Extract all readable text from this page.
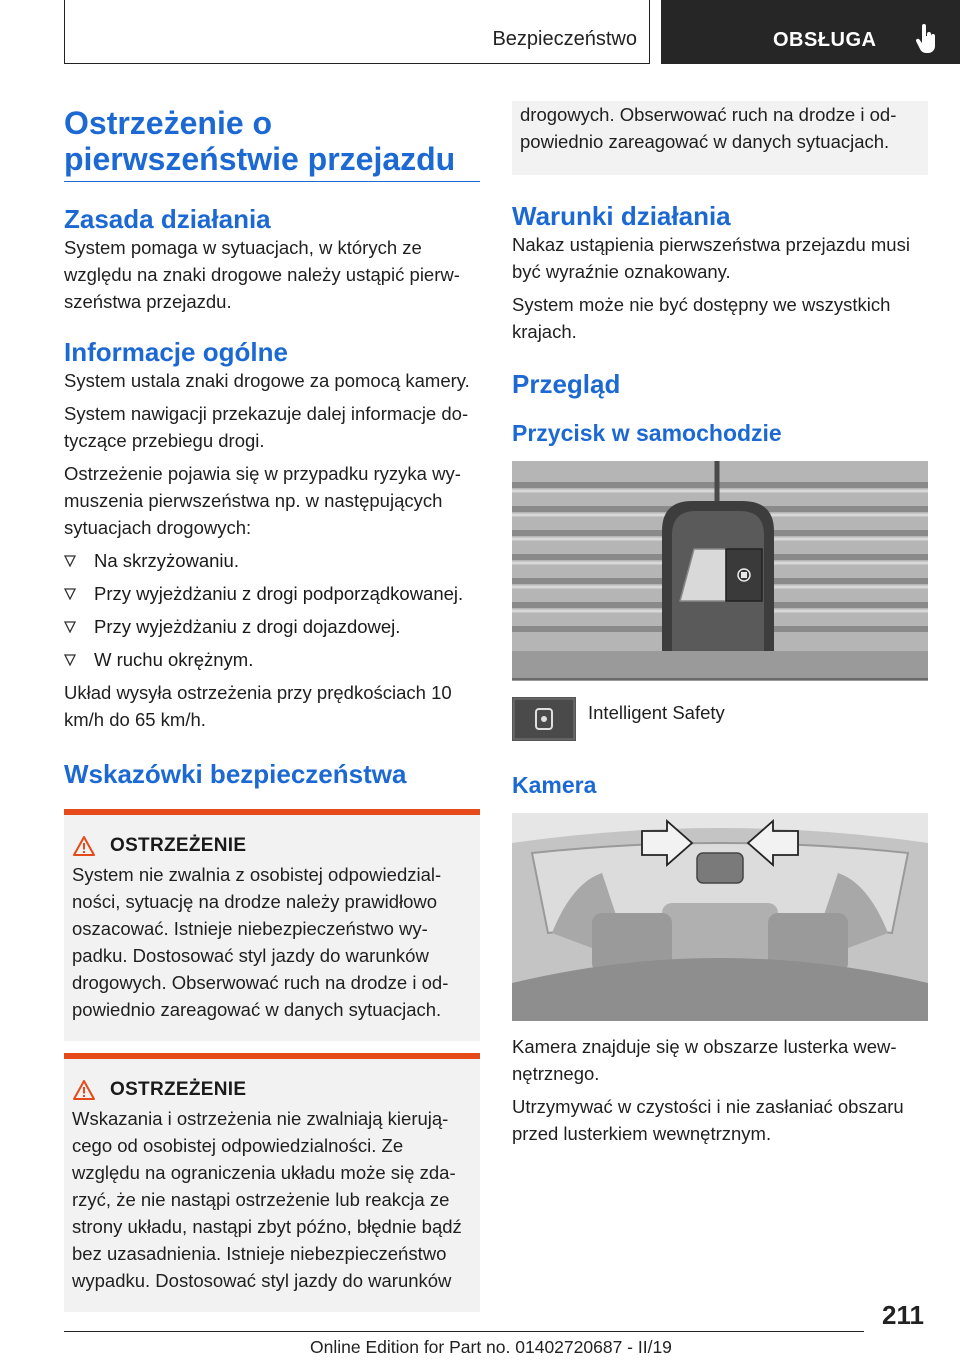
Bezpieczeństwo	OBSŁUGA
Ostrzeżenie o pierwszeństwie przejazdu
Zasada działania
System pomaga w sytuacjach, w których ze względu na znaki drogowe należy ustąpić pierwszeństwa przejazdu.
Informacje ogólne
System ustala znaki drogowe za pomocą kamery.
System nawigacji przekazuje dalej informacje dotyczące przebiegu drogi.
Ostrzeżenie pojawia się w przypadku ryzyka wymuszenia pierwszeństwa np. w następujących sytuacjach drogowych:
Na skrzyżowaniu.
Przy wyjeżdżaniu z drogi podporządkowanej.
Przy wyjeżdżaniu z drogi dojazdowej.
W ruchu okrężnym.
Układ wysyła ostrzeżenia przy prędkościach 10 km/h do 65 km/h.
Wskazówki bezpieczeństwa
OSTRZEŻENIE
System nie zwalnia z osobistej odpowiedzialności, sytuację na drodze należy prawidłowo oszacować. Istnieje niebezpieczeństwo wypadku. Dostosować styl jazdy do warunków drogowych. Obserwować ruch na drodze i odpowiednio zareagować w danych sytuacjach.
OSTRZEŻENIE
Wskazania i ostrzeżenia nie zwalniają kierującego od osobistej odpowiedzialności. Ze względu na ograniczenia układu może się zdarzyć, że nie nastąpi ostrzeżenie lub reakcja ze strony układu, nastąpi zbyt późno, błędnie bądź bez uzasadnienia. Istnieje niebezpieczeństwo wypadku. Dostosować styl jazdy do warunków
drogowych. Obserwować ruch na drodze i odpowiednio zareagować w danych sytuacjach.
Warunki działania
Nakaz ustąpienia pierwszeństwa przejazdu musi być wyraźnie oznakowany.
System może nie być dostępny we wszystkich krajach.
Przegląd
Przycisk w samochodzie
Intelligent Safety
Kamera
Kamera znajduje się w obszarze lusterka wewnętrznego.
Utrzymywać w czystości i nie zasłaniać obszaru przed lusterkiem wewnętrznym.
211
Online Edition for Part no. 01402720687 - II/19
